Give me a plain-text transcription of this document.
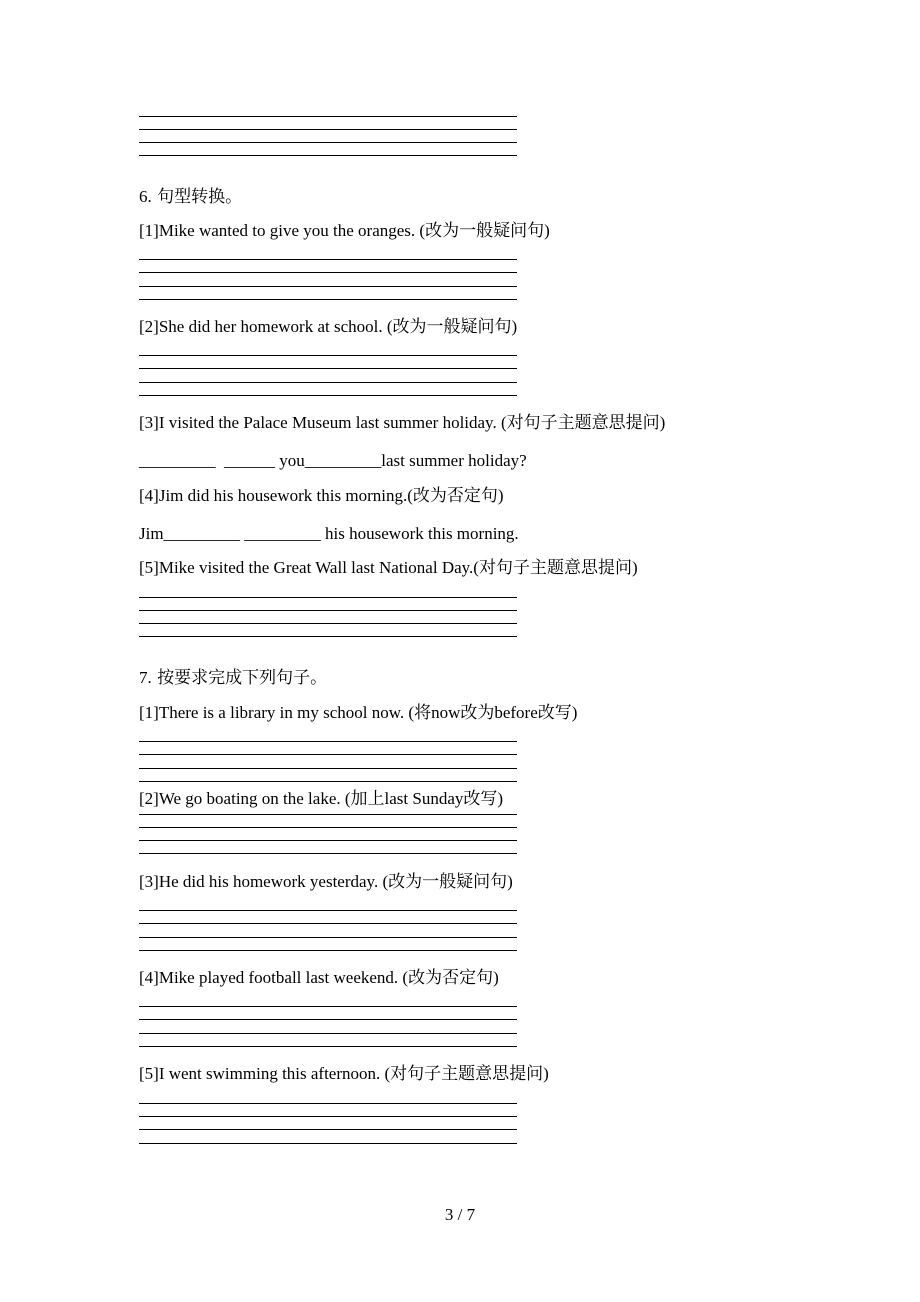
6. 句型转换。
[1]Mike wanted to give you the oranges. (改为一般疑问句)
[2]She did her homework at school. (改为一般疑问句)
[3]I visited the Palace Museum last summer holiday. (对句子主题意思提问)
_________  ______ you_________last summer holiday?
[4]Jim did his housework this morning.(改为否定句)
Jim_________ _________ his housework this morning.
[5]Mike visited the Great Wall last National Day.(对句子主题意思提问)
7. 按要求完成下列句子。
[1]There is a library in my school now. (将now改为before改写)
[2]We go boating on the lake. (加上last Sunday改写)
[3]He did his homework yesterday. (改为一般疑问句)
[4]Mike played football last weekend. (改为否定句)
[5]I went swimming this afternoon. (对句子主题意思提问)
3 / 7
